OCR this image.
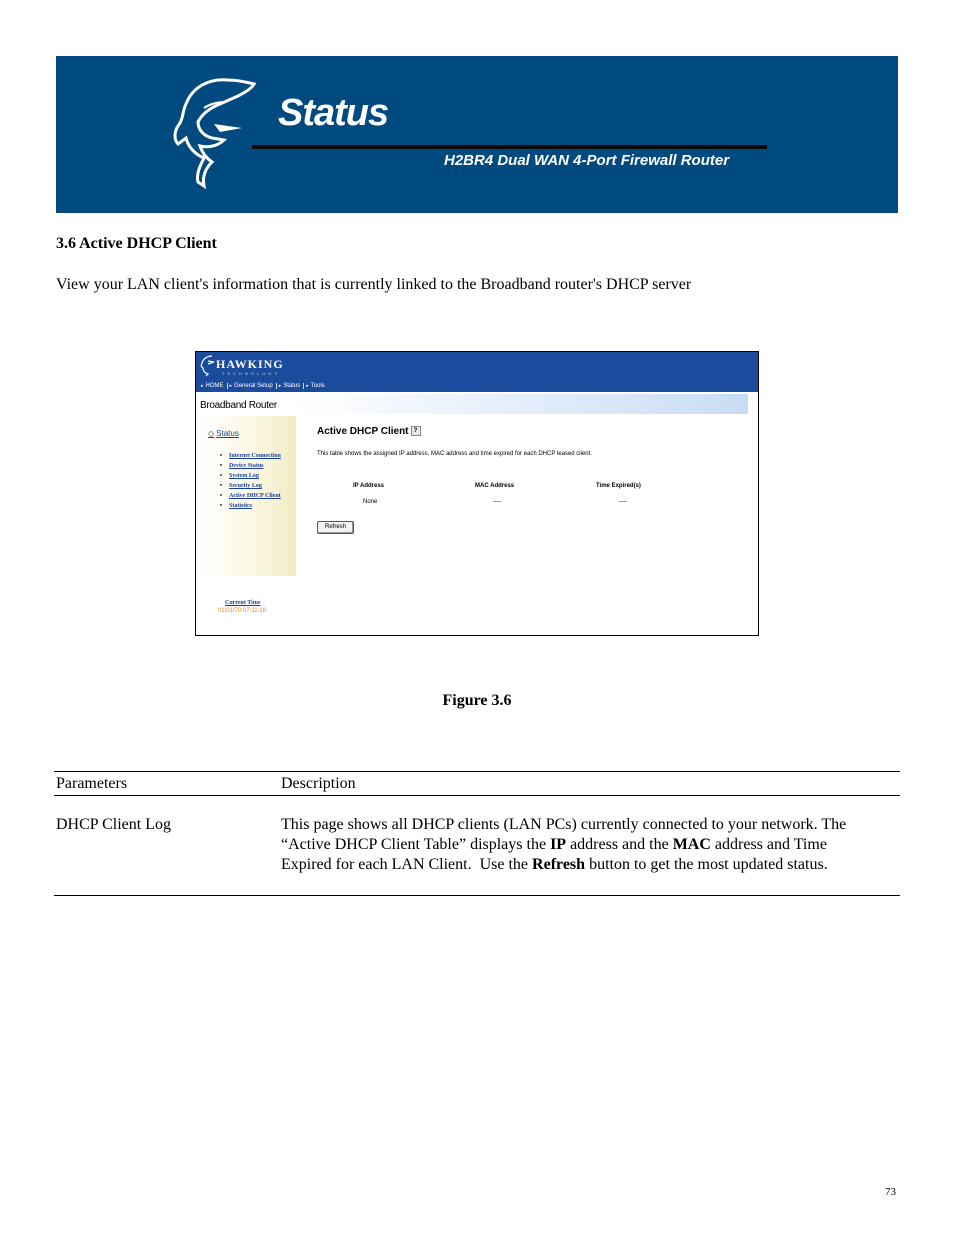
Status
H2BR4 Dual WAN 4-Port Firewall Router
3.6 Active DHCP Client
View your LAN client's information that is currently linked to the Broadband router's DHCP server
HAWKING
TECHNOLOGY
▸ HOME	▸ General Setup	▸ Status	▸ Tools
Broadband Router
◇ Status
• Internet Connection
• Device Status
• System Log
• Security Log
• Active DHCP Client
• Statistics
Current Time
01/01/70 07:11:18
Active DHCP Client ?
This table shows the assigned IP address, MAC address and time expired for each DHCP leased client.
IP Address	MAC Address	Time Expired(s)
None	----	----
Refresh
Figure 3.6
Parameters	Description
DHCP Client Log	This page shows all DHCP clients (LAN PCs) currently connected to your network. The
“Active DHCP Client Table” displays the IP address and the MAC address and Time
Expired for each LAN Client.  Use the Refresh button to get the most updated status.
73
